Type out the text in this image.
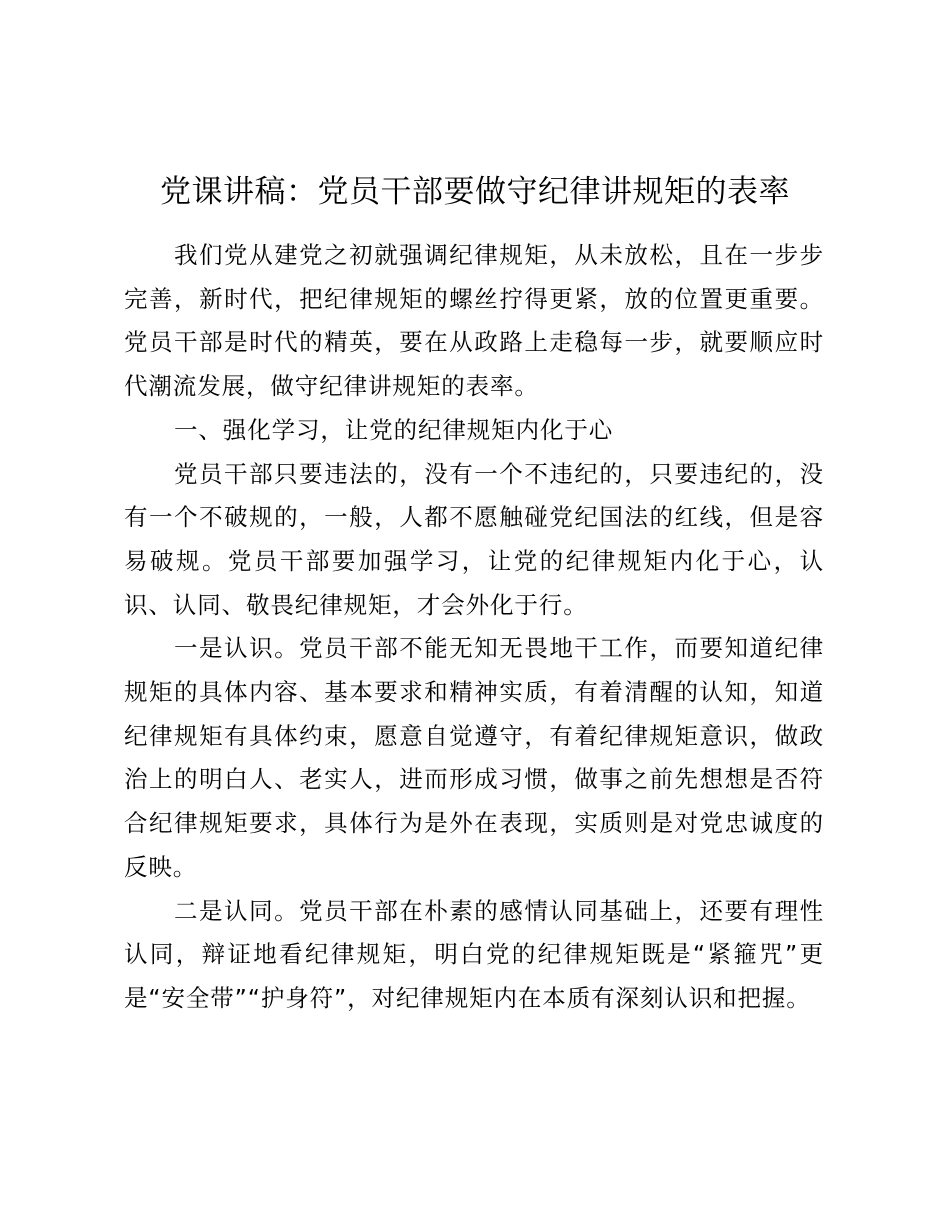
党课讲稿：党员干部要做守纪律讲规矩的表率

我们党从建党之初就强调纪律规矩，从未放松，且在一步步完善，新时代，把纪律规矩的螺丝拧得更紧，放的位置更重要。党员干部是时代的精英，要在从政路上走稳每一步，就要顺应时代潮流发展，做守纪律讲规矩的表率。

一、强化学习，让党的纪律规矩内化于心

党员干部只要违法的，没有一个不违纪的，只要违纪的，没有一个不破规的，一般，人都不愿触碰党纪国法的红线，但是容易破规。党员干部要加强学习，让党的纪律规矩内化于心，认识、认同、敬畏纪律规矩，才会外化于行。

一是认识。党员干部不能无知无畏地干工作，而要知道纪律规矩的具体内容、基本要求和精神实质，有着清醒的认知，知道纪律规矩有具体约束，愿意自觉遵守，有着纪律规矩意识，做政治上的明白人、老实人，进而形成习惯，做事之前先想想是否符合纪律规矩要求，具体行为是外在表现，实质则是对党忠诚度的反映。

二是认同。党员干部在朴素的感情认同基础上，还要有理性认同，辩证地看纪律规矩，明白党的纪律规矩既是“紧箍咒”更是“安全带”“护身符”，对纪律规矩内在本质有深刻认识和把握。
